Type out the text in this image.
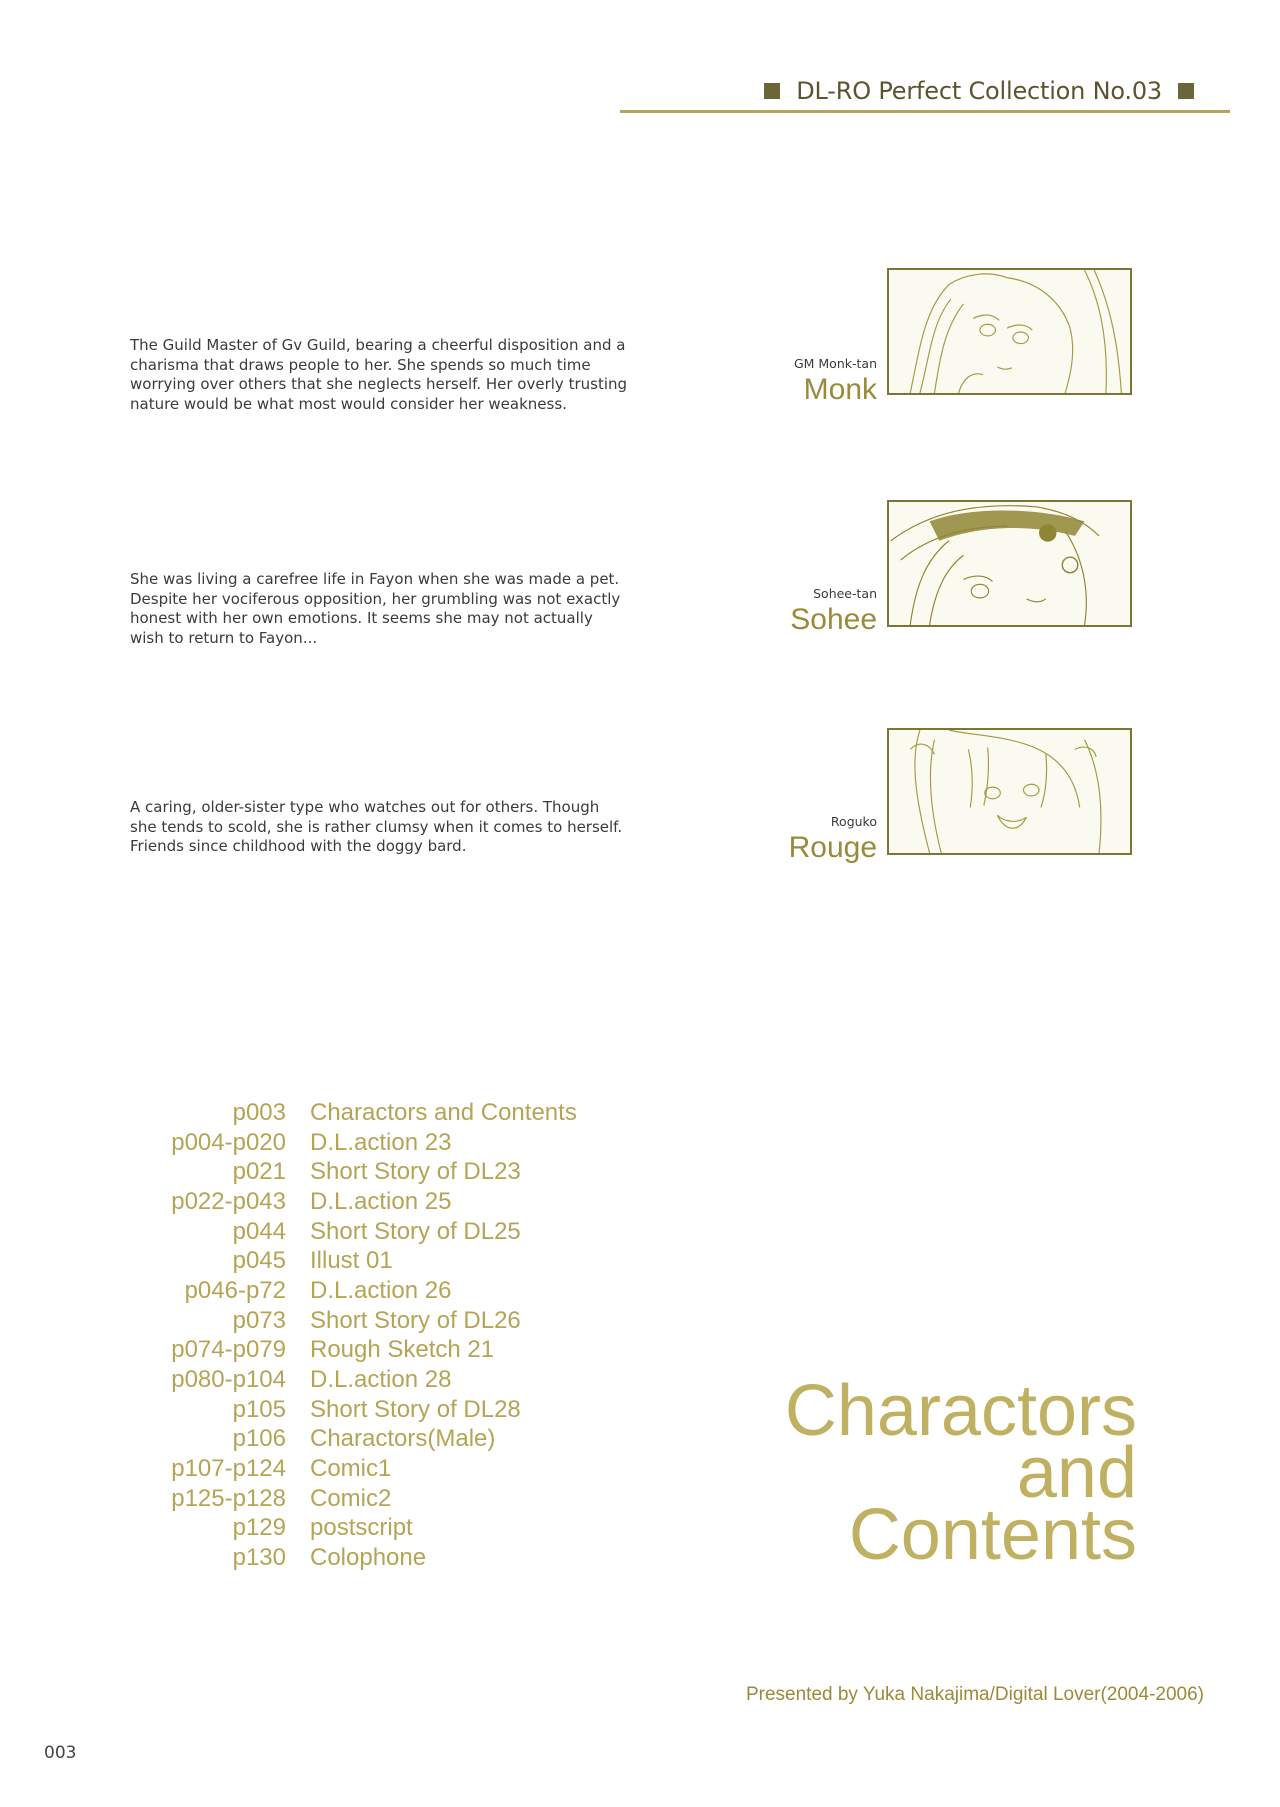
DL-RO Perfect Collection No.03
The Guild Master of Gv Guild, bearing a cheerful disposition and a charisma that draws people to her. She spends so much time worrying over others that she neglects herself. Her overly trusting nature would be what most would consider her weakness.
GM Monk-tan
Monk
She was living a carefree life in Fayon when she was made a pet. Despite her vociferous opposition, her grumbling was not exactly honest with her own emotions. It seems she may not actually wish to return to Fayon...
Sohee-tan
Sohee
A caring, older-sister type who watches out for others. Though she tends to scold, she is rather clumsy when it comes to herself. Friends since childhood with the doggy bard.
Roguko
Rouge
p003 Charactors and Contents
p004-p020 D.L.action 23
p021 Short Story of DL23
p022-p043 D.L.action 25
p044 Short Story of DL25
p045 Illust 01
p046-p72 D.L.action 26
p073 Short Story of DL26
p074-p079 Rough Sketch 21
p080-p104 D.L.action 28
p105 Short Story of DL28
p106 Charactors(Male)
p107-p124 Comic1
p125-p128 Comic2
p129 postscript
p130 Colophone
Charactors
and
Contents
Presented by Yuka Nakajima/Digital Lover(2004-2006)
003
